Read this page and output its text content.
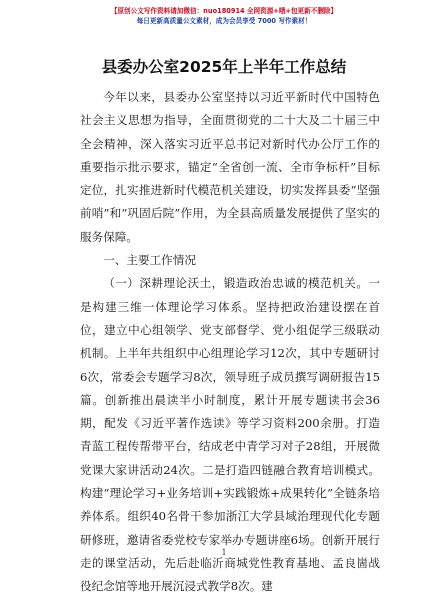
【原创公文写作资料请加微信：nuo180914 全网资源+哦+包更新不删除】
每日更新高质量公文素材，成为会员享受 7000 写作素材！
县委办公室2025年上半年工作总结

今年以来，县委办公室坚持以习近平新时代中国特色社会主义思想为指导，全面贯彻党的二十大及二十届三中全会精神，深入落实习近平总书记对新时代办公厅工作的重要指示批示要求，锚定“全省创一流、全市争标杆”目标定位，扎实推进新时代模范机关建设，切实发挥县委“坚强前哨”和“巩固后院”作用，为全县高质量发展提供了坚实的服务保障。

一、主要工作情况

（一）深耕理论沃土，锻造政治忠诚的模范机关。一是构建三维一体理论学习体系。坚持把政治建设摆在首位，建立中心组领学、党支部督学、党小组促学三级联动机制。上半年共组织中心组理论学习12次，其中专题研讨6次，常委会专题学习8次，领导班子成员撰写调研报告15篇。创新推出晨读半小时制度，累计开展专题读书会36期，配发《习近平著作选读》等学习资料200余册。打造青蓝工程传帮带平台，结成老中青学习对子28组，开展微党课大家讲活动24次。二是打造四链融合教育培训模式。构建“理论学习+业务培训+实践锻炼+成果转化”全链条培养体系。组织40名骨干参加浙江大学县域治理现代化专题研修班，邀请省委党校专家举办专题讲座6场。创新开展行走的课堂活动，先后赴临沂商城党性教育基地、孟良崮战役纪念馆等地开展沉浸式教学8次。建

1
